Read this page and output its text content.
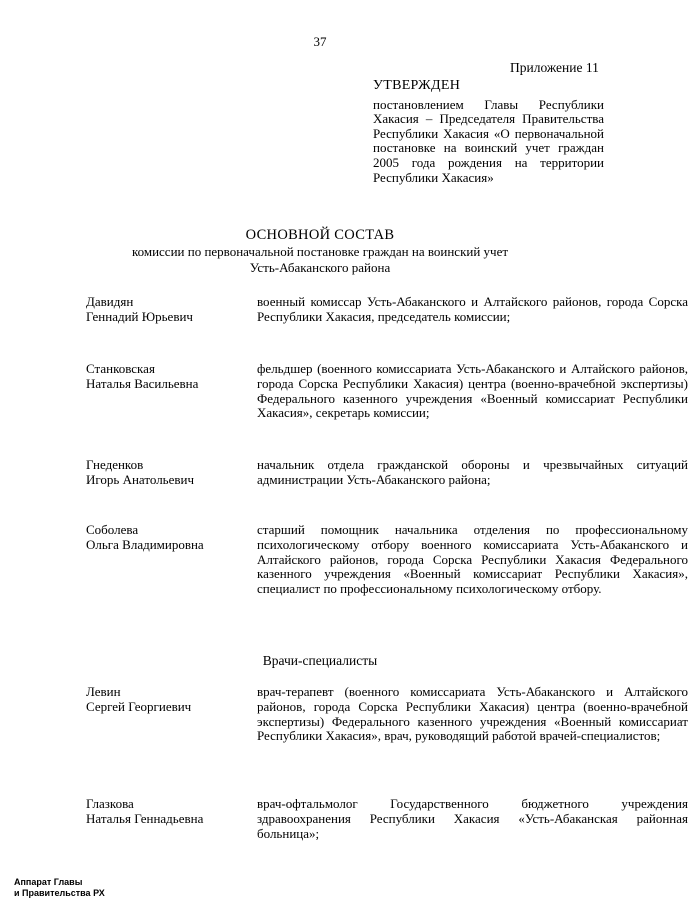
37
Приложение 11
УТВЕРЖДЕН
постановлением Главы Республики Хакасия – Председателя Правительства Республики Хакасия «О первоначальной постановке на воинский учет граждан 2005 года рождения на территории Республики Хакасия»
ОСНОВНОЙ СОСТАВ
комиссии по первоначальной постановке граждан на воинский учет
Усть-Абаканского района
Давидян
Геннадий Юрьевич
военный комиссар Усть-Абаканского и Алтайского районов, города Сорска Республики Хакасия, председатель комиссии;
Станковская
Наталья Васильевна
фельдшер (военного комиссариата Усть-Абаканского и Алтайского районов, города Сорска Республики Хакасия) центра (военно-врачебной экспертизы) Федерального казенного учреждения «Военный комиссариат Республики Хакасия», секретарь комиссии;
Гнеденков
Игорь Анатольевич
начальник отдела гражданской обороны и чрезвычайных ситуаций администрации Усть-Абаканского района;
Соболева
Ольга Владимировна
старший помощник начальника отделения по профессиональному психологическому отбору военного комиссариата Усть-Абаканского и Алтайского районов, города Сорска Республики Хакасия Федерального казенного учреждения «Военный комиссариат Республики Хакасия», специалист по профессиональному психологическому отбору.
Врачи-специалисты
Левин
Сергей Георгиевич
врач-терапевт (военного комиссариата Усть-Абаканского и Алтайского районов, города Сорска Республики Хакасия) центра (военно-врачебной экспертизы) Федерального казенного учреждения «Военный комиссариат Республики Хакасия», врач, руководящий работой врачей-специалистов;
Глазкова
Наталья Геннадьевна
врач-офтальмолог Государственного бюджетного учреждения здравоохранения Республики Хакасия «Усть-Абаканская районная больница»;
Аппарат Главы
и Правительства РХ
